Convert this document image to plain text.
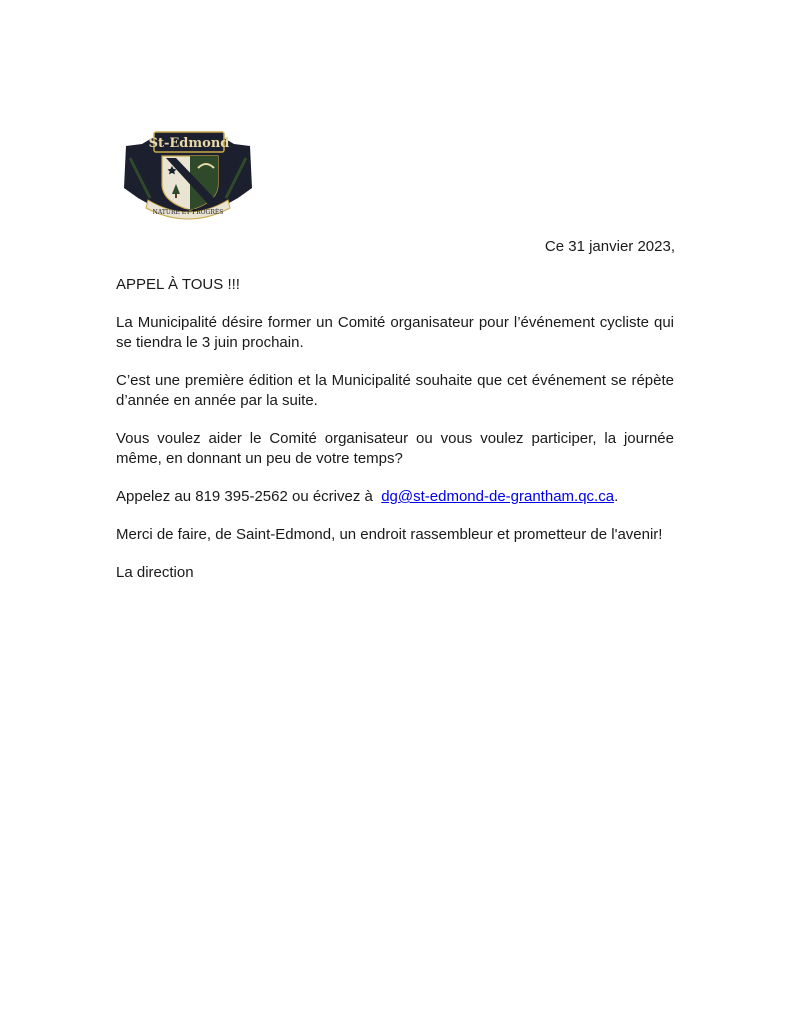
St-Edmond
NATURE ET PROGRÈS
Ce 31 janvier 2023,

APPEL À TOUS !!!

La Municipalité désire former un Comité organisateur pour l’événement cycliste qui se tiendra le 3 juin prochain.

C’est une première édition et la Municipalité souhaite que cet événement se répète d’année en année par la suite.

Vous voulez aider le Comité organisateur ou vous voulez participer, la journée même, en donnant un peu de votre temps?

Appelez au 819 395-2562 ou écrivez à  dg@st-edmond-de-grantham.qc.ca.

Merci de faire, de Saint-Edmond, un endroit rassembleur et prometteur de l'avenir!

La direction
